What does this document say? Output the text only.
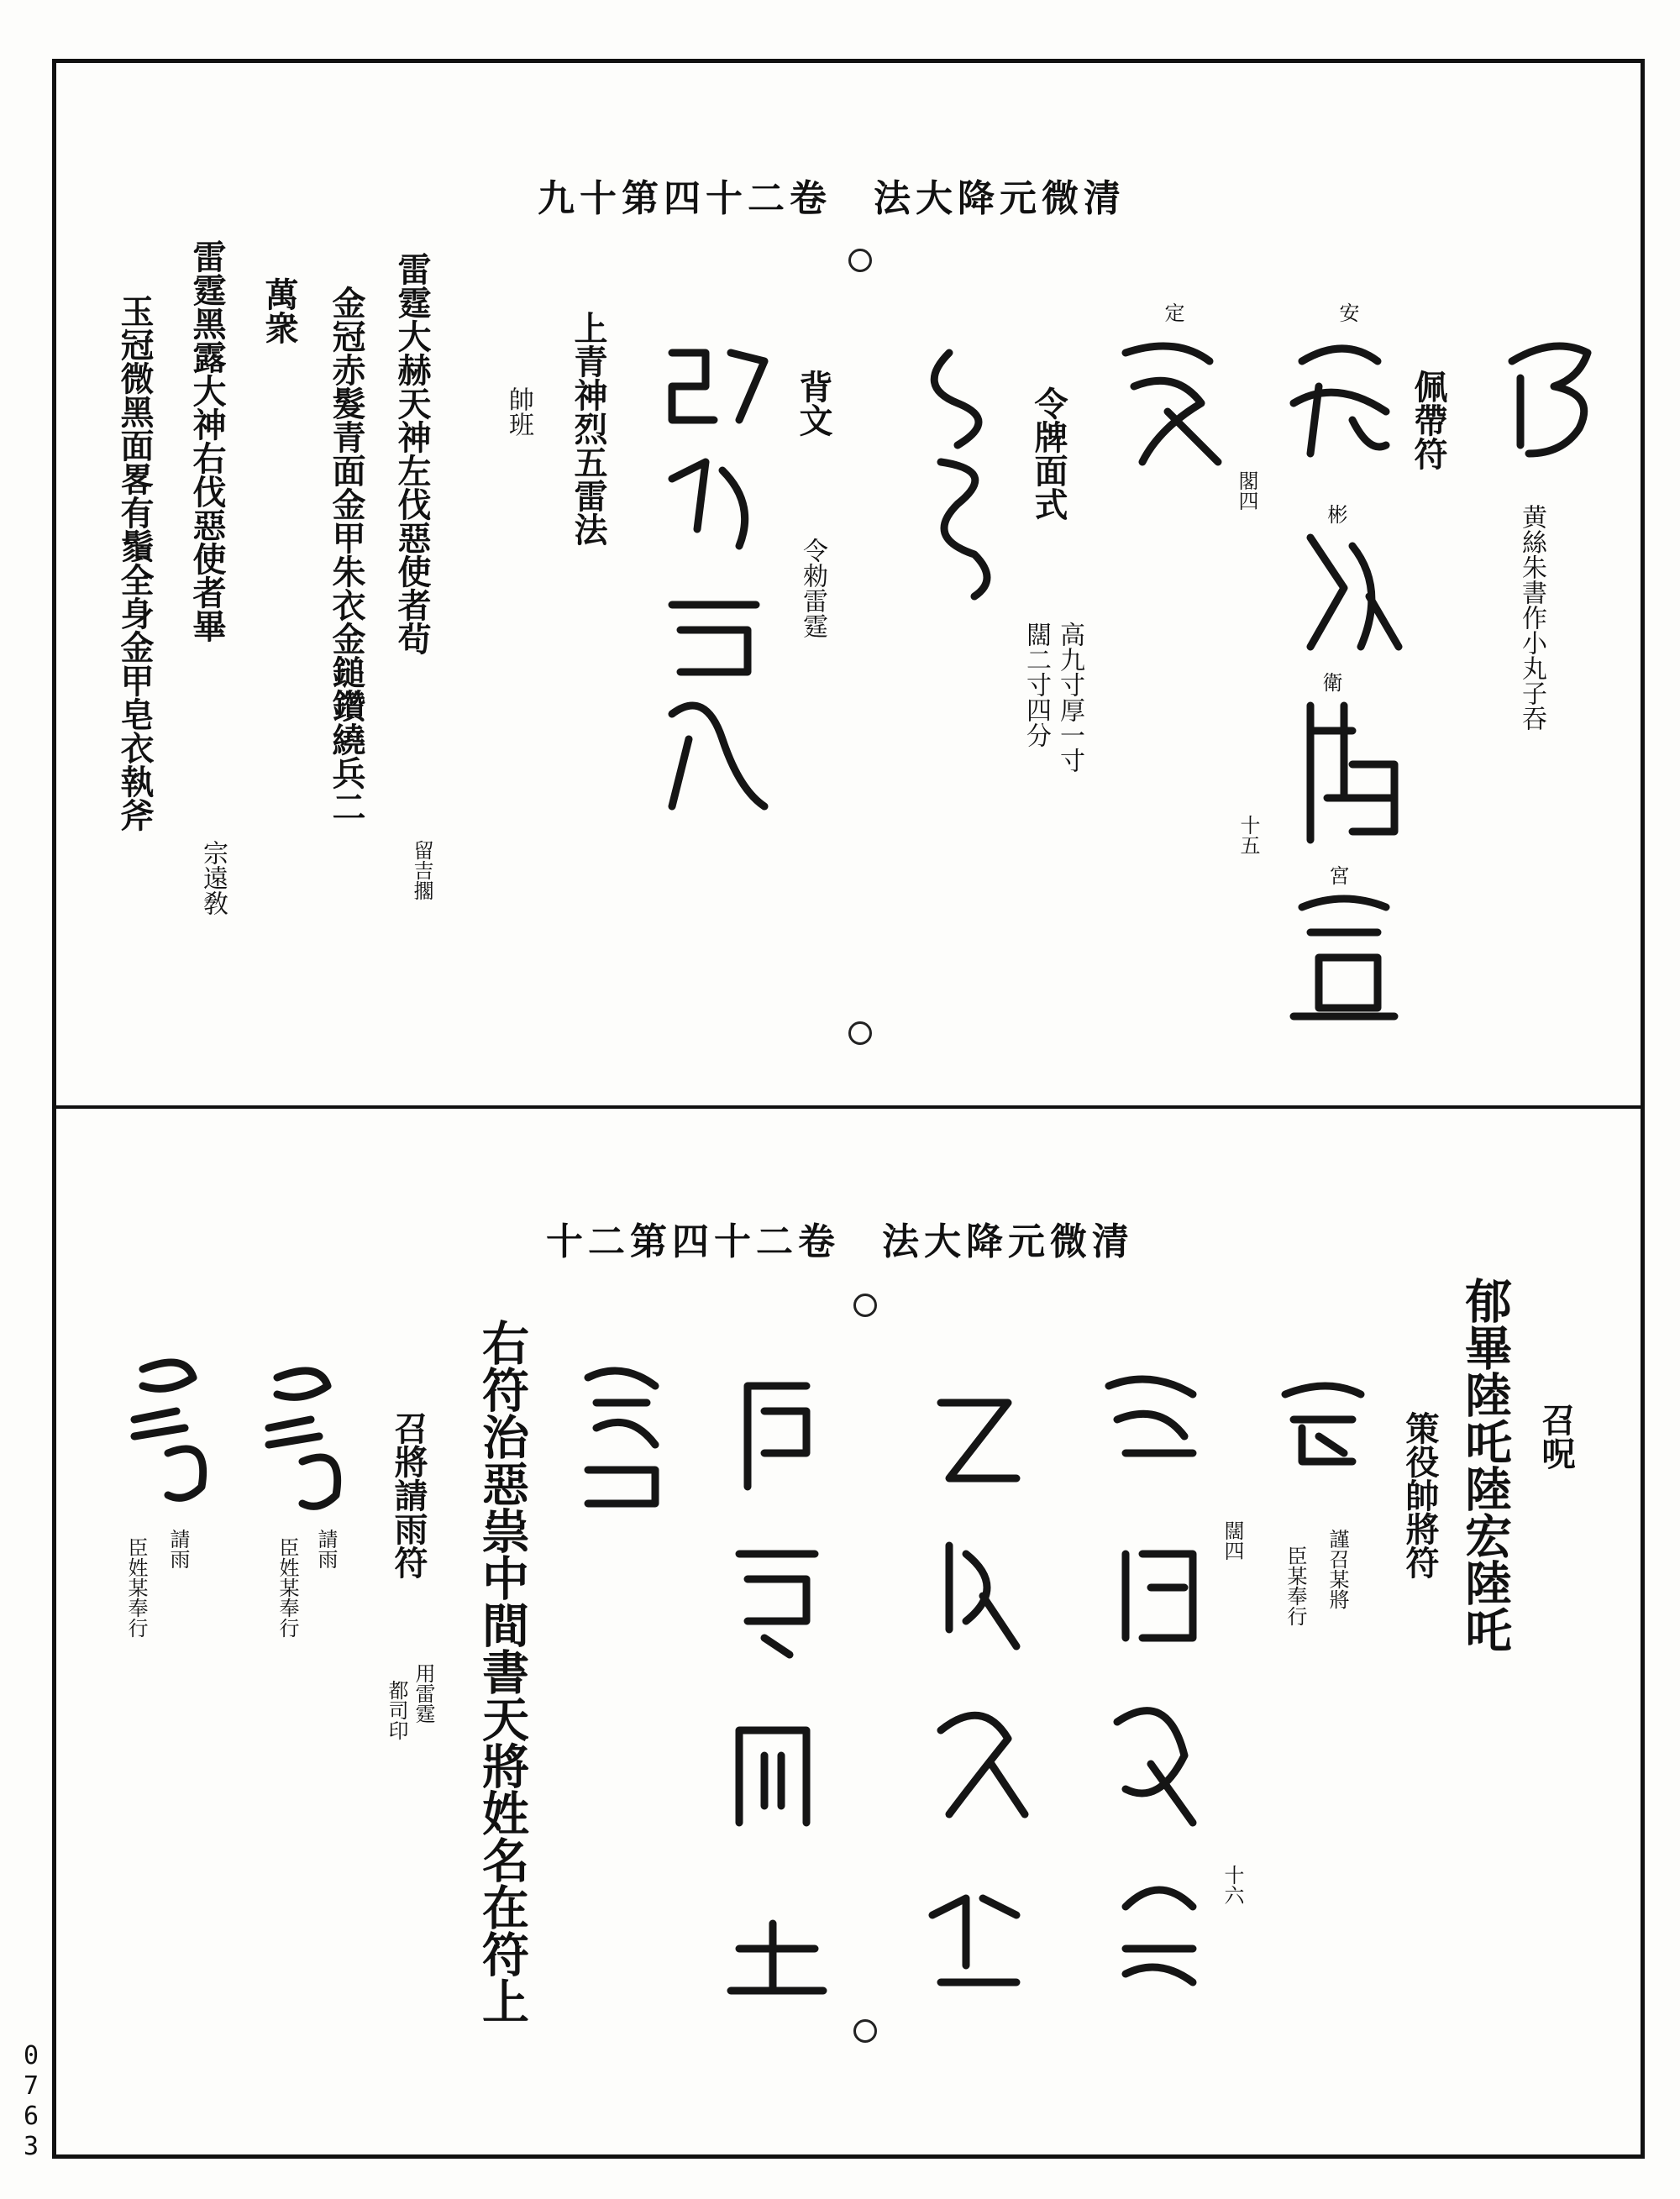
九十第四十二卷　法大降元微清
佩帶符
黄絲朱書作小丸子吞
安
彬
衛
宮
閣四
十五
定
令牌面式
高九寸厚一寸
闊二寸四分
背文
令勑雷霆
上青神烈五雷法
帥班
雷霆大赫天神左伐惡使者茍
留吉擱
金冠赤髮青面金甲朱衣金鎚鑽繞兵二
萬衆
雷霆黑露大神右伐惡使者畢
宗遠敎
玉冠微黑面畧有鬚全身金甲皂衣執斧
十二第四十二卷　法大降元微清
召呪
郁畢陸吒陸宏陸吒
策役帥將符
謹召某將
臣某奉行
闊四
十六
右符治惡祟中間書天將姓名在符上
召將請雨符
用雷霆
都司印
請雨
臣姓某奉行
請雨
臣姓某奉行
0
7
6
3
